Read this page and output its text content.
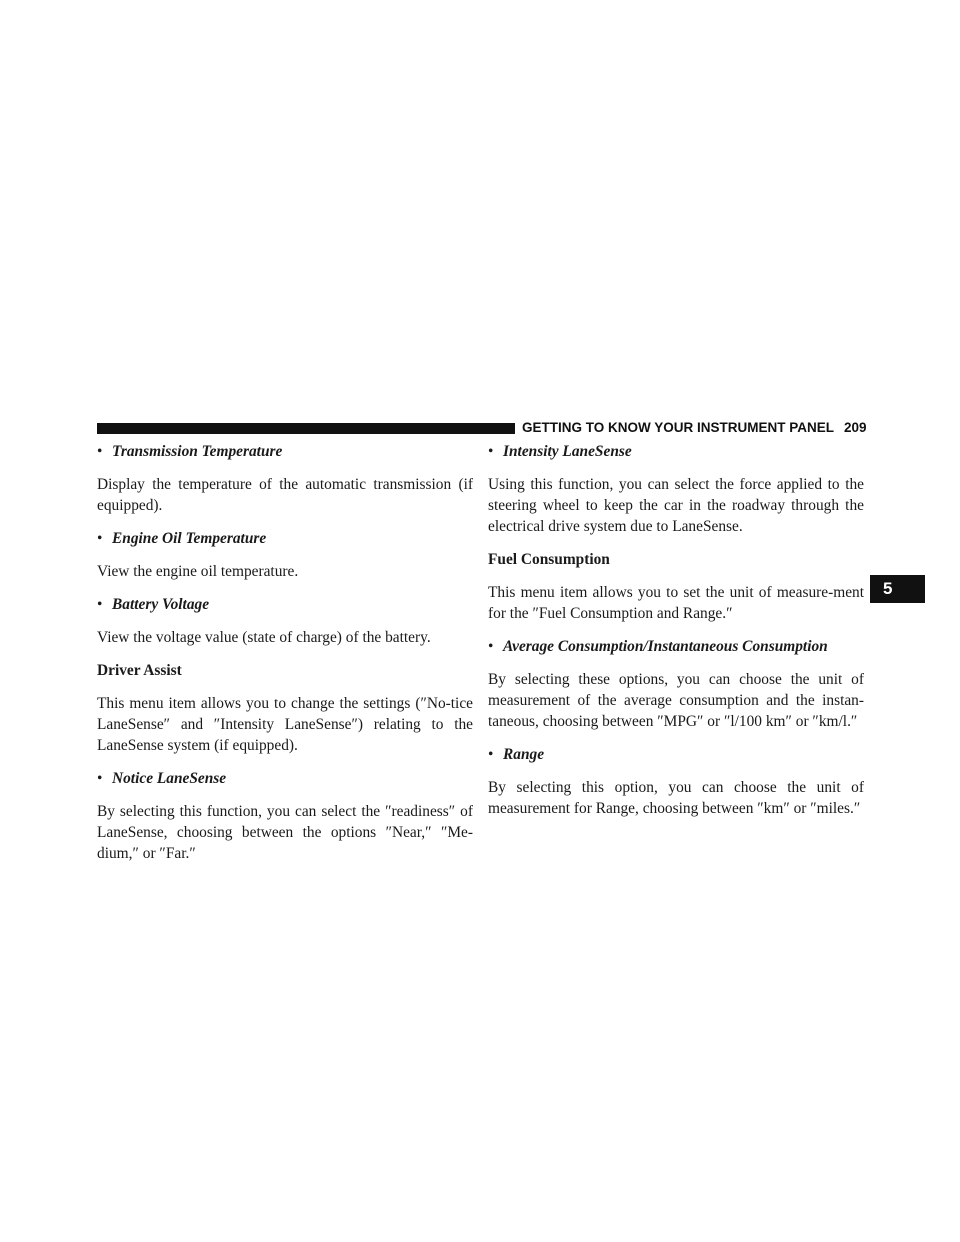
GETTING TO KNOW YOUR INSTRUMENT PANEL 209
5
• Transmission Temperature
Display the temperature of the automatic transmission (if equipped).
• Engine Oil Temperature
View the engine oil temperature.
• Battery Voltage
View the voltage value (state of charge) of the battery.
Driver Assist
This menu item allows you to change the settings (″No-tice LaneSense″ and ″Intensity LaneSense″) relating to the LaneSense system (if equipped).
• Notice LaneSense
By selecting this function, you can select the ″readiness″ of LaneSense, choosing between the options ″Near,″ ″Me-dium,″ or ″Far.″
• Intensity LaneSense
Using this function, you can select the force applied to the steering wheel to keep the car in the roadway through the electrical drive system due to LaneSense.
Fuel Consumption
This menu item allows you to set the unit of measure-ment for the ″Fuel Consumption and Range.″
• Average Consumption/Instantaneous Consumption
By selecting these options, you can choose the unit of measurement of the average consumption and the instan-taneous, choosing between ″MPG″ or ″l/100 km″ or ″km/l.″
• Range
By selecting this option, you can choose the unit of measurement for Range, choosing between ″km″ or ″miles.″
